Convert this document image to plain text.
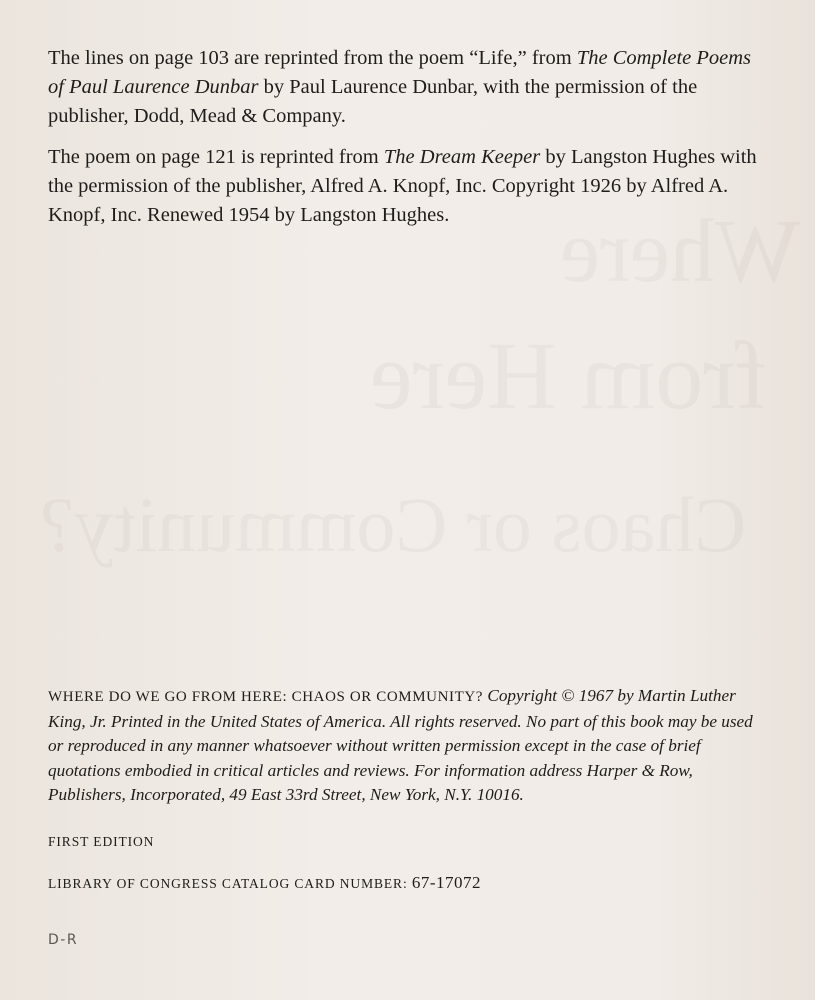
Where
from Here
Chaos or Community?

The lines on page 103 are reprinted from the poem “Life,” from The Complete Poems of Paul Laurence Dunbar by Paul Laurence Dunbar, with the permission of the publisher, Dodd, Mead & Company.

The poem on page 121 is reprinted from The Dream Keeper by Langston Hughes with the permission of the publisher, Alfred A. Knopf, Inc. Copyright 1926 by Alfred A. Knopf, Inc. Renewed 1954 by Langston Hughes.

WHERE DO WE GO FROM HERE: CHAOS OR COMMUNITY? Copyright © 1967 by Martin Luther King, Jr. Printed in the United States of America. All rights reserved. No part of this book may be used or reproduced in any manner whatsoever without written permission except in the case of brief quotations embodied in critical articles and reviews. For information address Harper & Row, Publishers, Incorporated, 49 East 33rd Street, New York, N.Y. 10016.
FIRST EDITION
LIBRARY OF CONGRESS CATALOG CARD NUMBER: 67-17072
D-R
